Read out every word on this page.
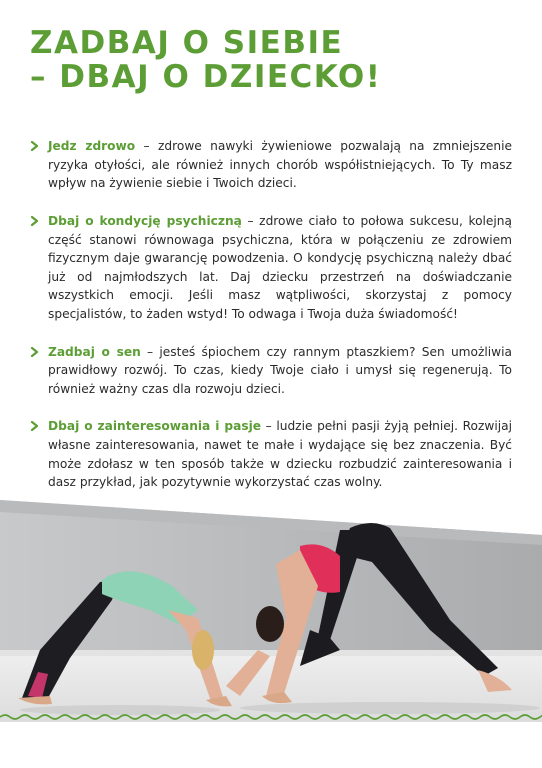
ZADBAJ O SIEBIE
– DBAJ O DZIECKO!

Jedz zdrowo – zdrowe nawyki żywieniowe pozwalają na zmniejszenie ryzyka otyłości, ale również innych chorób współistniejących. To Ty masz wpływ na żywienie siebie i Twoich dzieci.

Dbaj o kondycję psychiczną – zdrowe ciało to połowa sukcesu, kolejną część stanowi równowaga psychiczna, która w połączeniu ze zdrowiem fizycznym daje gwarancję powodzenia. O kondycję psychiczną należy dbać już od najmłodszych lat. Daj dziecku przestrzeń na doświadczanie wszystkich emocji. Jeśli masz wątpliwości, skorzystaj z pomocy specjalistów, to żaden wstyd! To odwaga i Twoja duża świadomość!

Zadbaj o sen – jesteś śpiochem czy rannym ptaszkiem? Sen umożliwia prawidłowy rozwój. To czas, kiedy Twoje ciało i umysł się regenerują. To również ważny czas dla rozwoju dzieci.

Dbaj o zainteresowania i pasje – ludzie pełni pasji żyją pełniej. Rozwijaj własne zainteresowania, nawet te małe i wydające się bez znaczenia. Być może zdołasz w ten sposób także w dziecku rozbudzić zainteresowania i dasz przykład, jak pozytywnie wykorzystać czas wolny.
